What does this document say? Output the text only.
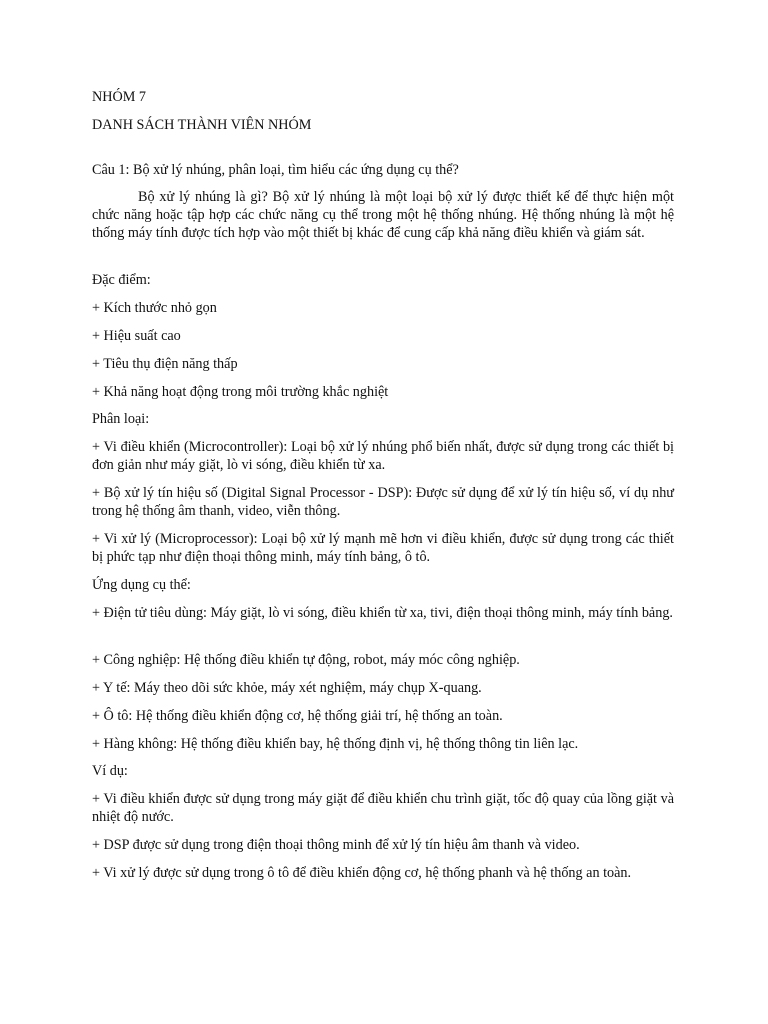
NHÓM 7

DANH SÁCH THÀNH VIÊN NHÓM

Câu 1: Bộ xử lý nhúng, phân loại, tìm hiểu các ứng dụng cụ thể?

Bộ xử lý nhúng là gì? Bộ xử lý nhúng là một loại bộ xử lý được thiết kế để thực hiện một chức năng hoặc tập hợp các chức năng cụ thể trong một hệ thống nhúng. Hệ thống nhúng là một hệ thống máy tính được tích hợp vào một thiết bị khác để cung cấp khả năng điều khiển và giám sát.

Đặc điểm:

+ Kích thước nhỏ gọn

+ Hiệu suất cao

+ Tiêu thụ điện năng thấp

+ Khả năng hoạt động trong môi trường khắc nghiệt

Phân loại:

+ Vi điều khiển (Microcontroller): Loại bộ xử lý nhúng phổ biến nhất, được sử dụng trong các thiết bị đơn giản như máy giặt, lò vi sóng, điều khiển từ xa.

+ Bộ xử lý tín hiệu số (Digital Signal Processor - DSP): Được sử dụng để xử lý tín hiệu số, ví dụ như trong hệ thống âm thanh, video, viễn thông.

+ Vi xử lý (Microprocessor): Loại bộ xử lý mạnh mẽ hơn vi điều khiển, được sử dụng trong các thiết bị phức tạp như điện thoại thông minh, máy tính bảng, ô tô.

Ứng dụng cụ thể:

+ Điện tử tiêu dùng: Máy giặt, lò vi sóng, điều khiển từ xa, tivi, điện thoại thông minh, máy tính bảng.

+ Công nghiệp: Hệ thống điều khiển tự động, robot, máy móc công nghiệp.

+ Y tế: Máy theo dõi sức khỏe, máy xét nghiệm, máy chụp X-quang.

+ Ô tô: Hệ thống điều khiển động cơ, hệ thống giải trí, hệ thống an toàn.

+ Hàng không: Hệ thống điều khiển bay, hệ thống định vị, hệ thống thông tin liên lạc.

Ví dụ:

+ Vi điều khiển được sử dụng trong máy giặt để điều khiển chu trình giặt, tốc độ quay của lồng giặt và nhiệt độ nước.

+ DSP được sử dụng trong điện thoại thông minh để xử lý tín hiệu âm thanh và video.

+ Vi xử lý được sử dụng trong ô tô để điều khiển động cơ, hệ thống phanh và hệ thống an toàn.
